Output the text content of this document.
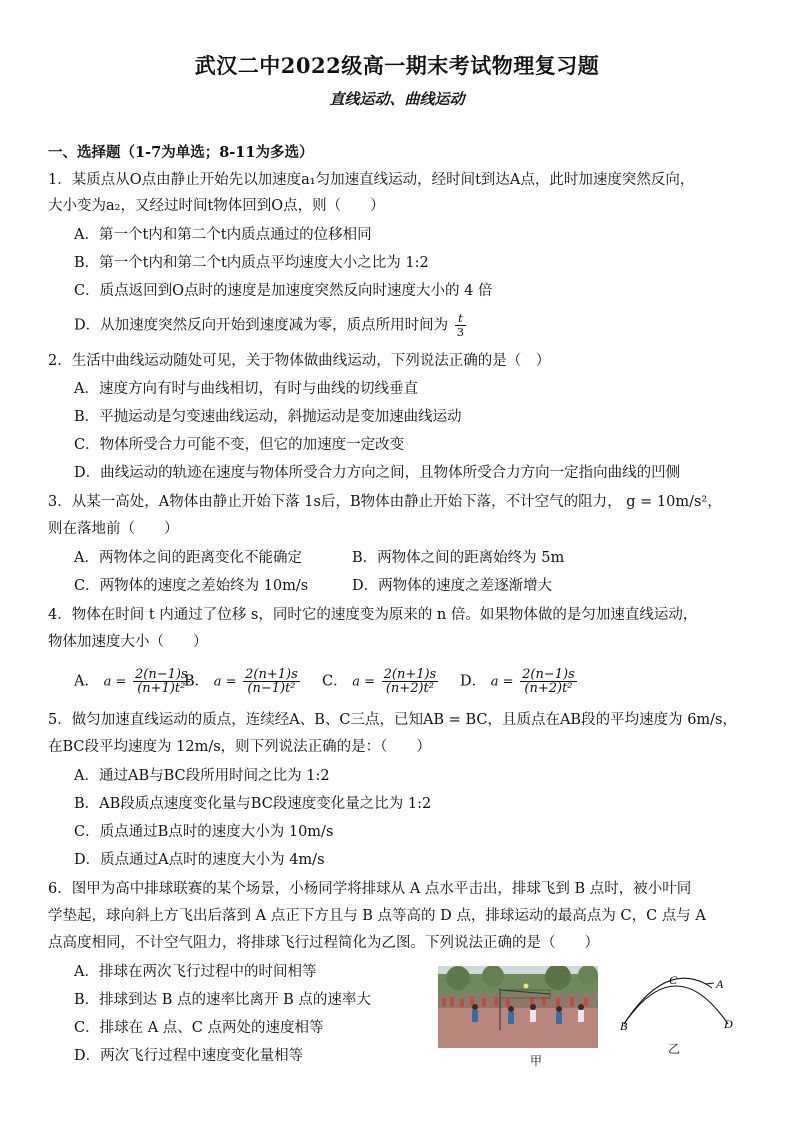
武汉二中2022级高一期末考试物理复习题
直线运动、曲线运动
一、选择题（1-7为单选；8-11为多选）
1．某质点从O点由静止开始先以加速度a₁匀加速直线运动，经时间t到达A点，此时加速度突然反向，
大小变为a₂，又经过时间t物体回到O点，则（　　）
A．第一个t内和第二个t内质点通过的位移相同
B．第一个t内和第二个t内质点平均速度大小之比为 1:2
C．质点返回到O点时的速度是加速度突然反向时速度大小的 4 倍
D．从加速度突然反向开始到速度减为零，质点所用时间为 $\frac{t}{3}$
2．生活中曲线运动随处可见，关于物体做曲线运动，下列说法正确的是（　）
A．速度方向有时与曲线相切，有时与曲线的切线垂直
B．平抛运动是匀变速曲线运动，斜抛运动是变加速曲线运动
C．物体所受合力可能不变，但它的加速度一定改变
D．曲线运动的轨迹在速度与物体所受合力方向之间，且物体所受合力方向一定指向曲线的凹侧
3．从某一高处，A物体由静止开始下落 1s后，B物体由静止开始下落，不计空气的阻力， g = 10m/s²，
则在落地前（　　）
A．两物体之间的距离变化不能确定	B．两物体之间的距离始终为 5m
C．两物体的速度之差始终为 10m/s	D．两物体的速度之差逐渐增大
4．物体在时间 t 内通过了位移 s，同时它的速度变为原来的 n 倍。如果物体做的是匀加速直线运动，
物体加速度大小（　　）
A． $a = \frac{2(n-1)s}{\text{(n+1)t²}}$
B． $a = \frac{2(n+1)s}{\text{(n−1)t²}}$ C． $a = \frac{2(n+1)s}{\text{(n+2)t²}}$ D． $a = \frac{2(n-1)s}{\text{(n+2)t²}}$
5．做匀加速直线运动的质点，连续经A、B、C三点，已知AB = BC，且质点在AB段的平均速度为 6m/s，
在BC段平均速度为 12m/s，则下列说法正确的是：（　　）
A．通过AB与BC段所用时间之比为 1:2
B．AB段质点速度变化量与BC段速度变化量之比为 1:2
C．质点通过B点时的速度大小为 10m/s
D．质点通过A点时的速度大小为 4m/s
6．图甲为高中排球联赛的某个场景，小杨同学将排球从 A 点水平击出，排球飞到 B 点时，被小叶同
学垫起，球向斜上方飞出后落到 A 点正下方且与 B 点等高的 D 点，排球运动的最高点为 C，C 点与 A
点高度相同，不计空气阻力，将排球飞行过程简化为乙图。下列说法正确的是（　　）
A．排球在两次飞行过程中的时间相等
B．排球到达 B 点的速率比离开 B 点的速率大
C．排球在 A 点、C 点两处的速度相等
D．两次飞行过程中速度变化量相等	甲
B
C	A
D
乙
